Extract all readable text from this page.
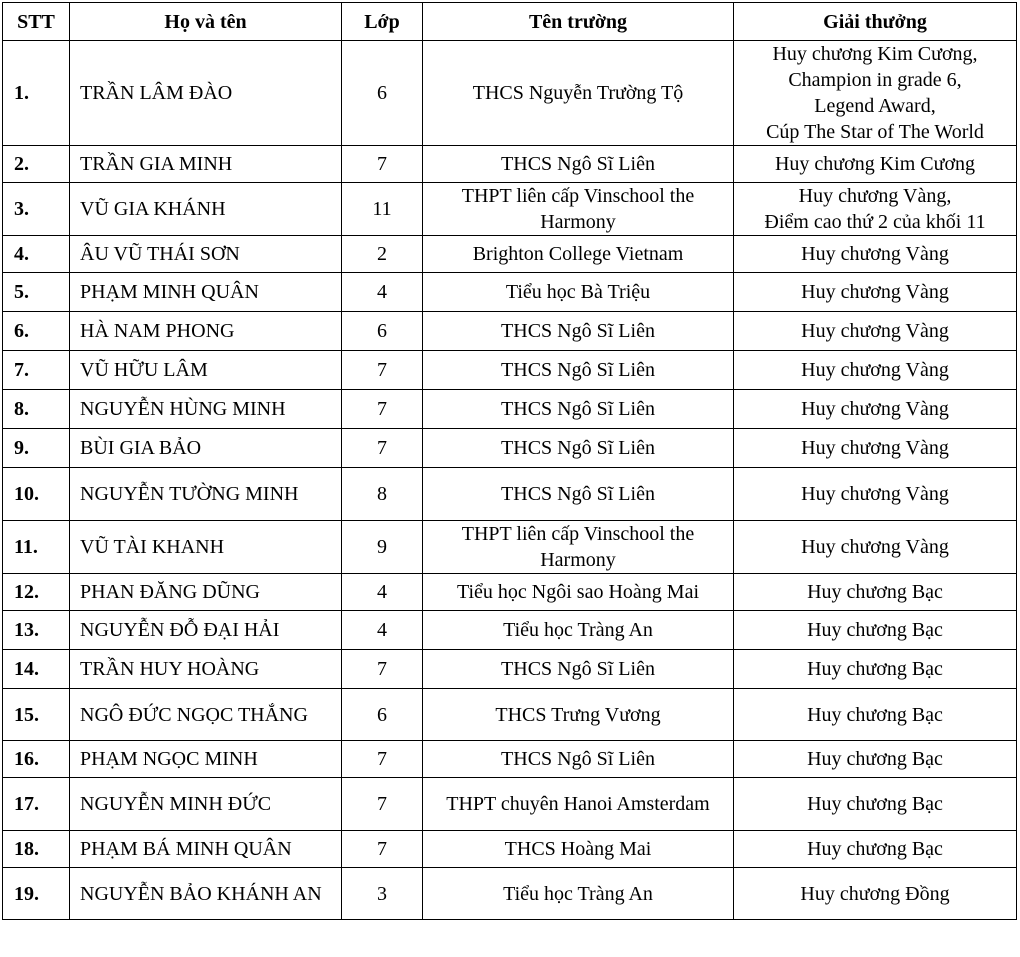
STT	Họ và tên	Lớp	Tên trường	Giải thưởng
1.	TRẦN LÂM ĐÀO	6	THCS Nguyễn Trường Tộ	Huy chương Kim Cương,
Champion in grade 6,
Legend Award,
Cúp The Star of The World
2.	TRẦN GIA MINH	7	THCS Ngô Sĩ Liên	Huy chương Kim Cương
3.	VŨ GIA KHÁNH	11	THPT liên cấp Vinschool the Harmony	Huy chương Vàng,
Điểm cao thứ 2 của khối 11
4.	ÂU VŨ THÁI SƠN	2	Brighton College Vietnam	Huy chương Vàng
5.	PHẠM MINH QUÂN	4	Tiểu học Bà Triệu	Huy chương Vàng
6.	HÀ NAM PHONG	6	THCS Ngô Sĩ Liên	Huy chương Vàng
7.	VŨ HỮU LÂM	7	THCS Ngô Sĩ Liên	Huy chương Vàng
8.	NGUYỄN HÙNG MINH	7	THCS Ngô Sĩ Liên	Huy chương Vàng
9.	BÙI GIA BẢO	7	THCS Ngô Sĩ Liên	Huy chương Vàng
10.	NGUYỄN TƯỜNG MINH	8	THCS Ngô Sĩ Liên	Huy chương Vàng
11.	VŨ TÀI KHANH	9	THPT liên cấp Vinschool the Harmony	Huy chương Vàng
12.	PHAN ĐĂNG DŨNG	4	Tiểu học Ngôi sao Hoàng Mai	Huy chương Bạc
13.	NGUYỄN ĐỖ ĐẠI HẢI	4	Tiểu học Tràng An	Huy chương Bạc
14.	TRẦN HUY HOÀNG	7	THCS Ngô Sĩ Liên	Huy chương Bạc
15.	NGÔ ĐỨC NGỌC THẮNG	6	THCS Trưng Vương	Huy chương Bạc
16.	PHẠM NGỌC MINH	7	THCS Ngô Sĩ Liên	Huy chương Bạc
17.	NGUYỄN MINH ĐỨC	7	THPT chuyên Hanoi Amsterdam	Huy chương Bạc
18.	PHẠM BÁ MINH QUÂN	7	THCS Hoàng Mai	Huy chương Bạc
19.	NGUYỄN BẢO KHÁNH AN	3	Tiểu học Tràng An	Huy chương Đồng
